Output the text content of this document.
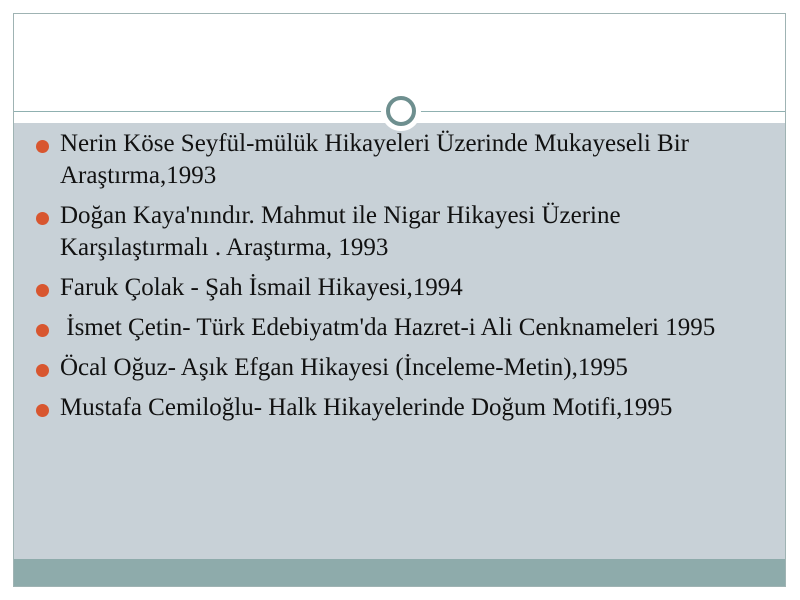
Nerin Köse Seyfül-mülük Hikayeleri Üzerinde Mukayeseli Bir Araştırma,1993
Doğan Kaya'nındır. Mahmut ile Nigar Hikayesi Üzerine Karşılaştırmalı . Araştırma, 1993
Faruk Çolak - Şah İsmail Hikayesi,1994
İsmet Çetin- Türk Edebiyatm'da Hazret-i Ali Cenknameleri 1995
Öcal Oğuz- Aşık Efgan Hikayesi (İnceleme-Metin),1995
Mustafa Cemiloğlu- Halk Hikayelerinde Doğum Motifi,1995
